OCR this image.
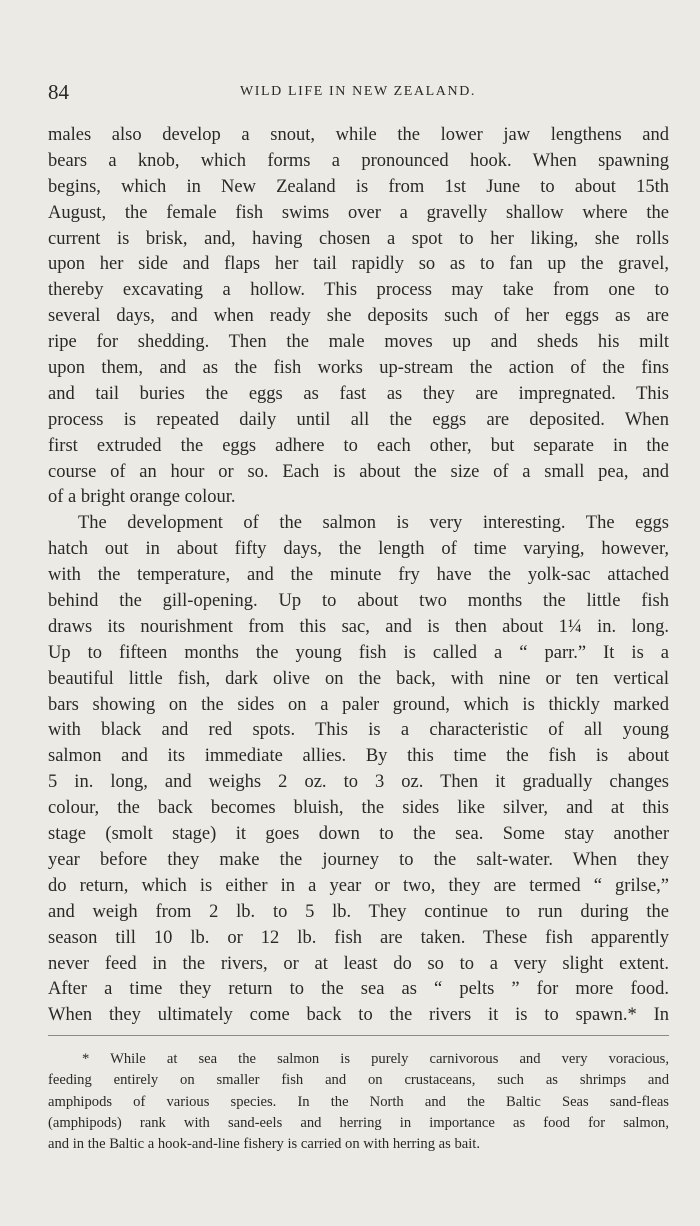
84	WILD LIFE IN NEW ZEALAND.
males also develop a snout, while the lower jaw lengthens and
bears a knob, which forms a pronounced hook. When spawning
begins, which in New Zealand is from 1st June to about 15th
August, the female fish swims over a gravelly shallow where the
current is brisk, and, having chosen a spot to her liking, she rolls
upon her side and flaps her tail rapidly so as to fan up the gravel,
thereby excavating a hollow. This process may take from one to
several days, and when ready she deposits such of her eggs as are
ripe for shedding. Then the male moves up and sheds his milt
upon them, and as the fish works up-stream the action of the fins
and tail buries the eggs as fast as they are impregnated. This
process is repeated daily until all the eggs are deposited. When
first extruded the eggs adhere to each other, but separate in the
course of an hour or so. Each is about the size of a small pea, and
of a bright orange colour.
The development of the salmon is very interesting. The eggs
hatch out in about fifty days, the length of time varying, however,
with the temperature, and the minute fry have the yolk-sac attached
behind the gill-opening. Up to about two months the little fish
draws its nourishment from this sac, and is then about 1¼ in. long.
Up to fifteen months the young fish is called a “ parr.” It is a
beautiful little fish, dark olive on the back, with nine or ten vertical
bars showing on the sides on a paler ground, which is thickly marked
with black and red spots. This is a characteristic of all young
salmon and its immediate allies. By this time the fish is about
5 in. long, and weighs 2 oz. to 3 oz. Then it gradually changes
colour, the back becomes bluish, the sides like silver, and at this
stage (smolt stage) it goes down to the sea. Some stay another
year before they make the journey to the salt-water. When they
do return, which is either in a year or two, they are termed “ grilse,”
and weigh from 2 lb. to 5 lb. They continue to run during the
season till 10 lb. or 12 lb. fish are taken. These fish apparently
never feed in the rivers, or at least do so to a very slight extent.
After a time they return to the sea as “ pelts ” for more food.
When they ultimately come back to the rivers it is to spawn.* In
* While at sea the salmon is purely carnivorous and very voracious,
feeding entirely on smaller fish and on crustaceans, such as shrimps and
amphipods of various species. In the North and the Baltic Seas sand-fleas
(amphipods) rank with sand-eels and herring in importance as food for salmon,
and in the Baltic a hook-and-line fishery is carried on with herring as bait.
